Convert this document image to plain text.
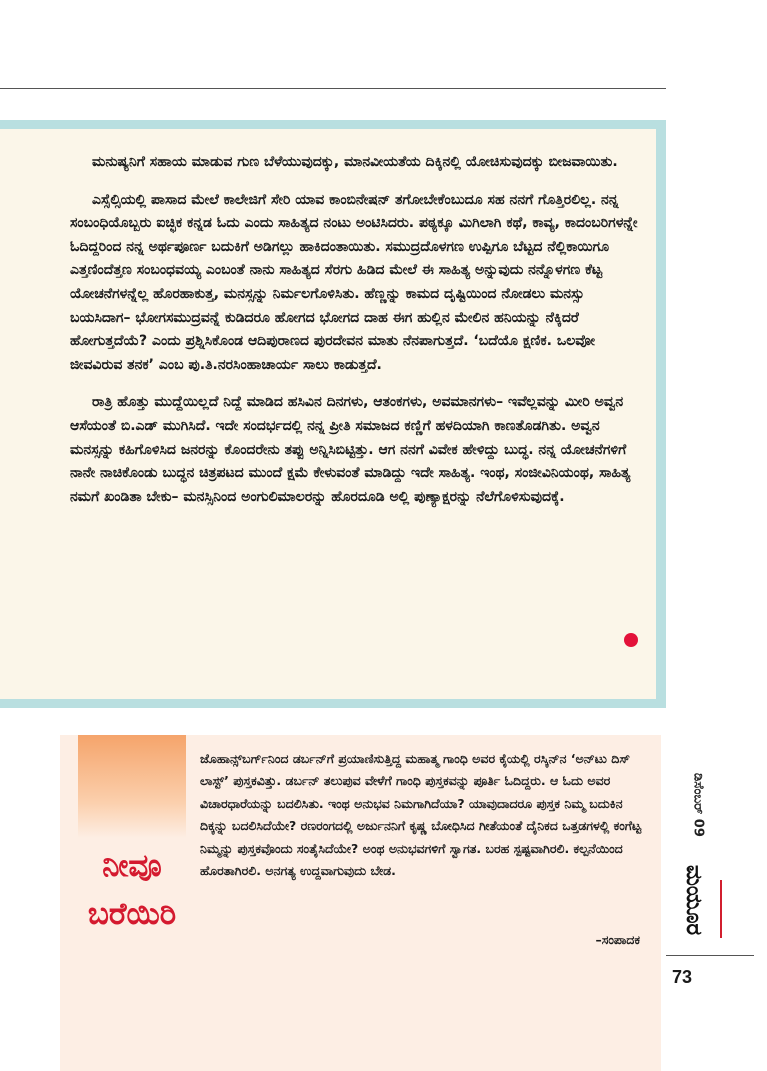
ಮನುಷ್ಯನಿಗೆ ಸಹಾಯ ಮಾಡುವ ಗುಣ ಬೆಳೆಯುವುದಕ್ಕು, ಮಾನವೀಯತೆಯ ದಿಕ್ಕಿನಲ್ಲಿ ಯೋಚಿಸುವುದಕ್ಕು ಬೀಜವಾಯಿತು.

ಎಸ್ಸೆಲ್ಸಿಯಲ್ಲಿ ಪಾಸಾದ ಮೇಲೆ ಕಾಲೇಜಿಗೆ ಸೇರಿ ಯಾವ ಕಾಂಬಿನೇಷನ್ ತಗೋಬೇಕೆಂಬುದೂ ಸಹ ನನಗೆ ಗೊತ್ತಿರಲಿಲ್ಲ. ನನ್ನ ಸಂಬಂಧಿಯೊಬ್ಬರು ಐಚ್ಛಿಕ ಕನ್ನಡ ಓದು ಎಂದು ಸಾಹಿತ್ಯದ ನಂಟು ಅಂಟಿಸಿದರು. ಪಠ್ಯಕ್ಕೂ ಮಿಗಿಲಾಗಿ ಕಥೆ, ಕಾವ್ಯ, ಕಾದಂಬರಿಗಳನ್ನೇ ಓದಿದ್ದರಿಂದ ನನ್ನ ಅರ್ಥಪೂರ್ಣ ಬದುಕಿಗೆ ಅಡಿಗಲ್ಲು ಹಾಕಿದಂತಾಯಿತು. ಸಮುದ್ರದೊಳಗಣ ಉಪ್ಪಿಗೂ ಬೆಟ್ಟದ ನೆಲ್ಲಿಕಾಯಿಗೂ ಎತ್ತಣಿಂದೆತ್ತಣ ಸಂಬಂಧವಯ್ಯ ಎಂಬಂತೆ ನಾನು ಸಾಹಿತ್ಯದ ಸೆರಗು ಹಿಡಿದ ಮೇಲೆ ಈ ಸಾಹಿತ್ಯ ಅನ್ನುವುದು ನನ್ನೊಳಗಣ ಕೆಟ್ಟ ಯೋಚನೆಗಳನ್ನೆಲ್ಲ ಹೊರಹಾಕುತ್ತ, ಮನಸ್ಸನ್ನು ನಿರ್ಮಲಗೊಳಿಸಿತು. ಹೆಣ್ಣನ್ನು ಕಾಮದ ದೃಷ್ಟಿಯಿಂದ ನೋಡಲು ಮನಸ್ಸು ಬಯಸಿದಾಗ– ಭೋಗಸಮುದ್ರವನ್ನೆ ಕುಡಿದರೂ ಹೋಗದ ಭೋಗದ ದಾಹ ಈಗ ಹುಲ್ಲಿನ ಮೇಲಿನ ಹನಿಯನ್ನು ನೆಕ್ಕಿದರೆ ಹೋಗುತ್ತದೆಯೆ? ಎಂದು ಪ್ರಶ್ನಿಸಿಕೊಂಡ ಆದಿಪುರಾಣದ ಪುರದೇವನ ಮಾತು ನೆನಪಾಗುತ್ತದೆ. ‘ಬದೆಯೊ ಕ್ಷಣಿಕ. ಒಲವೋ ಜೀವವಿರುವ ತನಕ’ ಎಂಬ ಪು.ತಿ.ನರಸಿಂಹಾಚಾರ್ಯ ಸಾಲು ಕಾಡುತ್ತದೆ.

ರಾತ್ರಿ ಹೊತ್ತು ಮುದ್ದೆಯಿಲ್ಲದೆ ನಿದ್ದೆ ಮಾಡಿದ ಹಸಿವಿನ ದಿನಗಳು, ಆತಂಕಗಳು, ಅವಮಾನಗಳು– ಇವೆಲ್ಲವನ್ನು ಮೀರಿ ಅವ್ವನ ಆಸೆಯಂತೆ ಬಿ.ಎಡ್ ಮುಗಿಸಿದೆ. ಇದೇ ಸಂದರ್ಭದಲ್ಲಿ ನನ್ನ ಪ್ರೀತಿ ಸಮಾಜದ ಕಣ್ಣಿಗೆ ಹಳದಿಯಾಗಿ ಕಾಣತೊಡಗಿತು. ಅವ್ವನ ಮನಸ್ಸನ್ನು ಕಹಿಗೊಳಿಸಿದ ಜನರನ್ನು ಕೊಂದರೇನು ತಪ್ಪು ಅನ್ನಿಸಿಬಿಟ್ಟಿತ್ತು. ಆಗ ನನಗೆ ವಿವೇಕ ಹೇಳಿದ್ದು ಬುದ್ಧ. ನನ್ನ ಯೋಚನೆಗಳಿಗೆ ನಾನೇ ನಾಚಿಕೊಂಡು ಬುದ್ಧನ ಚಿತ್ರಪಟದ ಮುಂದೆ ಕ್ಷಮೆ ಕೇಳುವಂತೆ ಮಾಡಿದ್ದು ಇದೇ ಸಾಹಿತ್ಯ. ಇಂಥ, ಸಂಜೀವಿನಿಯಂಥ, ಸಾಹಿತ್ಯ ನಮಗೆ ಖಂಡಿತಾ ಬೇಕು– ಮನಸ್ಸಿನಿಂದ ಅಂಗುಲಿಮಾಲರನ್ನು ಹೊರದೂಡಿ ಅಲ್ಲಿ ಪುಣ್ಯಾಕ್ಷರನ್ನು ನೆಲೆಗೊಳಿಸುವುದಕ್ಕೆ.

ಡಿಸೆಂಬರ್ 09
ಮಯೂರ
73
ನೀವೂ
ಬರೆಯಿರಿ
ಜೊಹಾನ್ಸ್‌ಬರ್ಗ್‌ನಿಂದ ಡರ್ಬನ್‌ಗೆ ಪ್ರಯಾಣಿಸುತ್ತಿದ್ದ ಮಹಾತ್ಮ ಗಾಂಧಿ ಅವರ ಕೈಯಲ್ಲಿ ರಸ್ಕಿನ್‌ನ ‘ಅನ್‌ಟು ದಿಸ್ ಲಾಸ್ಟ್’ ಪುಸ್ತಕವಿತ್ತು. ಡರ್ಬನ್ ತಲುಪುವ ವೇಳೆಗೆ ಗಾಂಧಿ ಪುಸ್ತಕವನ್ನು ಪೂರ್ತಿ ಓದಿದ್ದರು. ಆ ಓದು ಅವರ ವಿಚಾರಧಾರೆಯನ್ನು ಬದಲಿಸಿತು. ಇಂಥ ಅನುಭವ ನಿಮಗಾಗಿದೆಯಾ? ಯಾವುದಾದರೂ ಪುಸ್ತಕ ನಿಮ್ಮ ಬದುಕಿನ ದಿಕ್ಕನ್ನು ಬದಲಿಸಿದೆಯೇ? ರಣರಂಗದಲ್ಲಿ ಅರ್ಜುನನಿಗೆ ಕೃಷ್ಣ ಬೋಧಿಸಿದ ಗೀತೆಯಂತೆ ದೈನಿಕದ ಒತ್ತಡಗಳಲ್ಲಿ ಕಂಗೆಟ್ಟ ನಿಮ್ಮನ್ನು ಪುಸ್ತಕವೊಂದು ಸಂತೈಸಿದೆಯೇ? ಅಂಥ ಅನುಭವಗಳಿಗೆ ಸ್ವಾಗತ. ಬರಹ ಸ್ಪಷ್ಟವಾಗಿರಲಿ. ಕಲ್ಪನೆಯಿಂದ ಹೊರತಾಗಿರಲಿ. ಅನಗತ್ಯ ಉದ್ದವಾಗುವುದು ಬೇಡ.
–ಸಂಪಾದಕ
